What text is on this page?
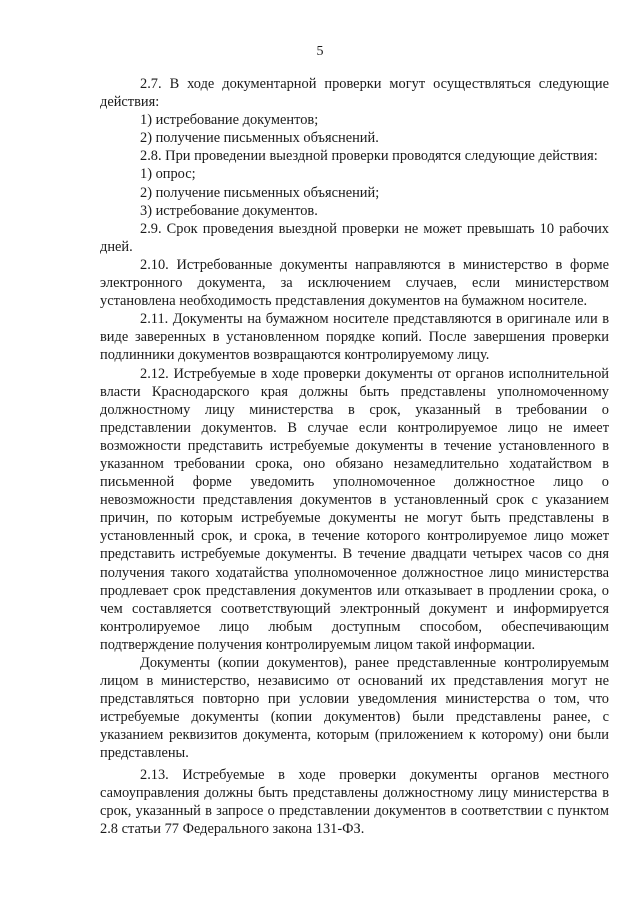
5

2.7. В ходе документарной проверки могут осуществляться следующие действия:

1) истребование документов;

2) получение письменных объяснений.

2.8. При проведении выездной проверки проводятся следующие действия:

1) опрос;

2) получение письменных объяснений;

3) истребование документов.

2.9. Срок проведения выездной проверки не может превышать 10 рабочих дней.

2.10. Истребованные документы направляются в министерство в форме электронного документа, за исключением случаев, если министерством установлена необходимость представления документов на бумажном носителе.

2.11. Документы на бумажном носителе представляются в оригинале или в виде заверенных в установленном порядке копий. После завершения проверки подлинники документов возвращаются контролируемому лицу.

2.12. Истребуемые в ходе проверки документы от органов исполнительной власти Краснодарского края должны быть представлены уполномоченному должностному лицу министерства в срок, указанный в требовании о представлении документов. В случае если контролируемое лицо не имеет возможности представить истребуемые документы в течение установленного в указанном требовании срока, оно обязано незамедлительно ходатайством в письменной форме уведомить уполномоченное должностное лицо о невозможности представления документов в установленный срок с указанием причин, по которым истребуемые документы не могут быть представлены в установленный срок, и срока, в течение которого контролируемое лицо может представить истребуемые документы. В течение двадцати четырех часов со дня получения такого ходатайства уполномоченное должностное лицо министерства продлевает срок представления документов или отказывает в продлении срока, о чем составляется соответствующий электронный документ и информируется контролируемое лицо любым доступным способом, обеспечивающим подтверждение получения контролируемым лицом такой информации.

Документы (копии документов), ранее представленные контролируемым лицом в министерство, независимо от оснований их представления могут не представляться повторно при условии уведомления министерства о том, что истребуемые документы (копии документов) были представлены ранее, с указанием реквизитов документа, которым (приложением к которому) они были представлены.

2.13. Истребуемые в ходе проверки документы органов местного самоуправления должны быть представлены должностному лицу министерства в срок, указанный в запросе о представлении документов в соответствии с пунктом 2.8 статьи 77 Федерального закона 131-ФЗ.
